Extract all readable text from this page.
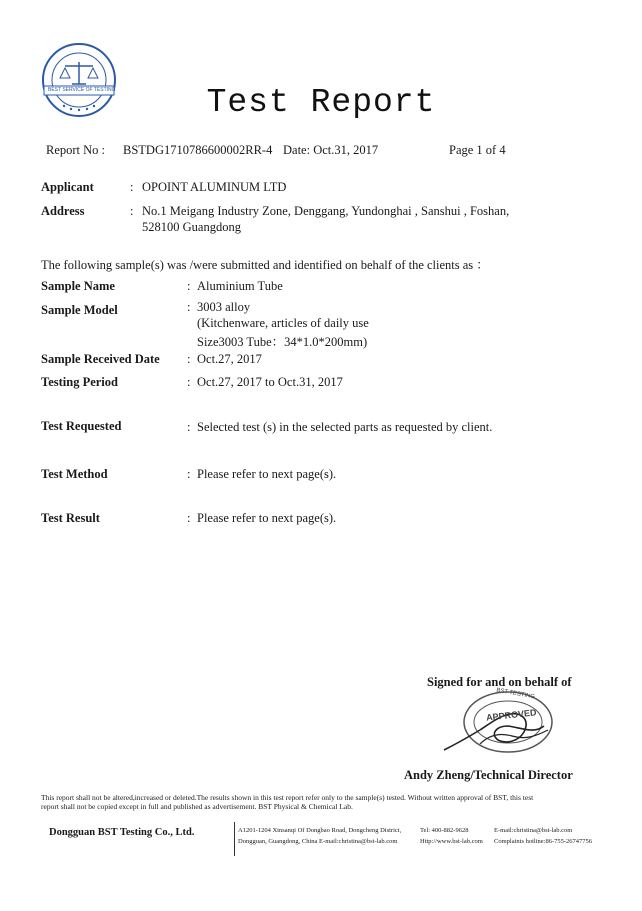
BEST SERVICE OF TESTING	Test Report
Report No : BSTDG1710786600002RR-4 Date: Oct.31, 2017	Page 1 of 4
Applicant	: OPOINT ALUMINUM LTD
Address	: No.1 Meigang Industry Zone, Denggang, Yundonghai , Sanshui , Foshan,
528100 Guangdong
The following sample(s) was /were submitted and identified on behalf of the clients as ：
Sample Name	: Aluminium Tube
Sample Model	: 3003 alloy
(Kitchenware, articles of daily use
Size3003 Tube：34*1.0*200mm)
Sample Received Date : Oct.27, 2017
Testing Period	: Oct.27, 2017 to Oct.31, 2017
Test Requested	: Selected test (s) in the selected parts as requested by client.
Test Method	: Please refer to next page(s).
Test Result	: Please refer to next page(s).
Signed for and on behalf of
APPROVED
BST TESTING
Andy Zheng/Technical Director
This report shall not be altered,increased or deleted.The results shown in this test report refer only to the sample(s) tested. Without written approval of BST, this test
report shall not be copied except in full and published as advertisement. BST Physical & Chemical Lab.
Dongguan BST Testing Co., Ltd.	A1201-1204 Xinsanqi Of Dongbao Road, Dongcheng District,
Dongguan, Guangdong, China E-mail:christina@bst-lab.com
Tel: 400-882-9628
Http://www.bst-lab.com
E-mail:christina@bst-lab.com
Complaints hotline:86-755-26747756
